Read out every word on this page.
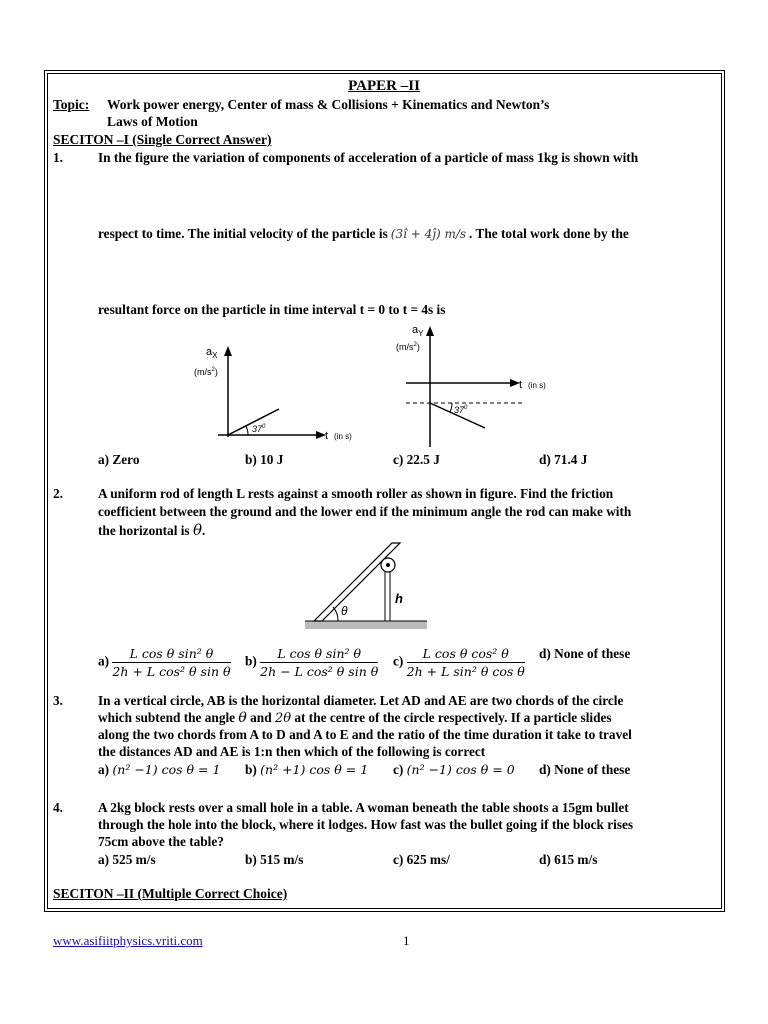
PAPER –II
Topic: Work power energy, Center of mass & Collisions + Kinematics and Newton’s
Laws of Motion
SECITON –I (Single Correct Answer)
1.	In the figure the variation of components of acceleration of a particle of mass 1kg is shown with
respect to time. The initial velocity of the particle is (3î + 4ĵ) m/s . The total work done by the
resultant force on the particle in time interval t = 0 to t = 4s is
$a_X$
$(m/s^2)$
$37^0$
t (in s)
$a_Y$
$(m/s^2)$
$37^0$
t (in s)
a) Zero	b) 10 J	c) 22.5 J	d) 71.4 J
2.	A uniform rod of length L rests against a smooth roller as shown in figure. Find the friction
coefficient between the ground and the lower end if the minimum angle the rod can make with
the horizontal is θ.
θ
h
$a) \frac{\text{L cos θ sin² θ}}{\text{2h + L cos² θ sin θ}} b) \frac{\text{L cos θ sin² θ}}{\text{2h − L cos² θ sin θ}} c) \frac{\text{L cos θ cos² θ}}{\text{2h + L sin² θ cos θ}} d$) None of these
3.	In a vertical circle, AB is the horizontal diameter. Let AD and AE are two chords of the circle
which subtend the angle θ and 2θ at the centre of the circle respectively. If a particle slides
along the two chords from A to D and A to E and the ratio of the time duration it take to travel
the distances AD and AE is 1:n then which of the following is correct
a) (n² −1) cos θ = 1 b) (n² +1) cos θ = 1 c) (n² −1) cos θ = 0 d) None of these
4.	A 2kg block rests over a small hole in a table. A woman beneath the table shoots a 15gm bullet
through the hole into the block, where it lodges. How fast was the bullet going if the block rises
75cm above the table?
a) 525 m/s	b) 515 m/s	c) 625 ms/	d) 615 m/s
SECITON –II (Multiple Correct Choice)
www.asifiitphysics.vriti.com	1
